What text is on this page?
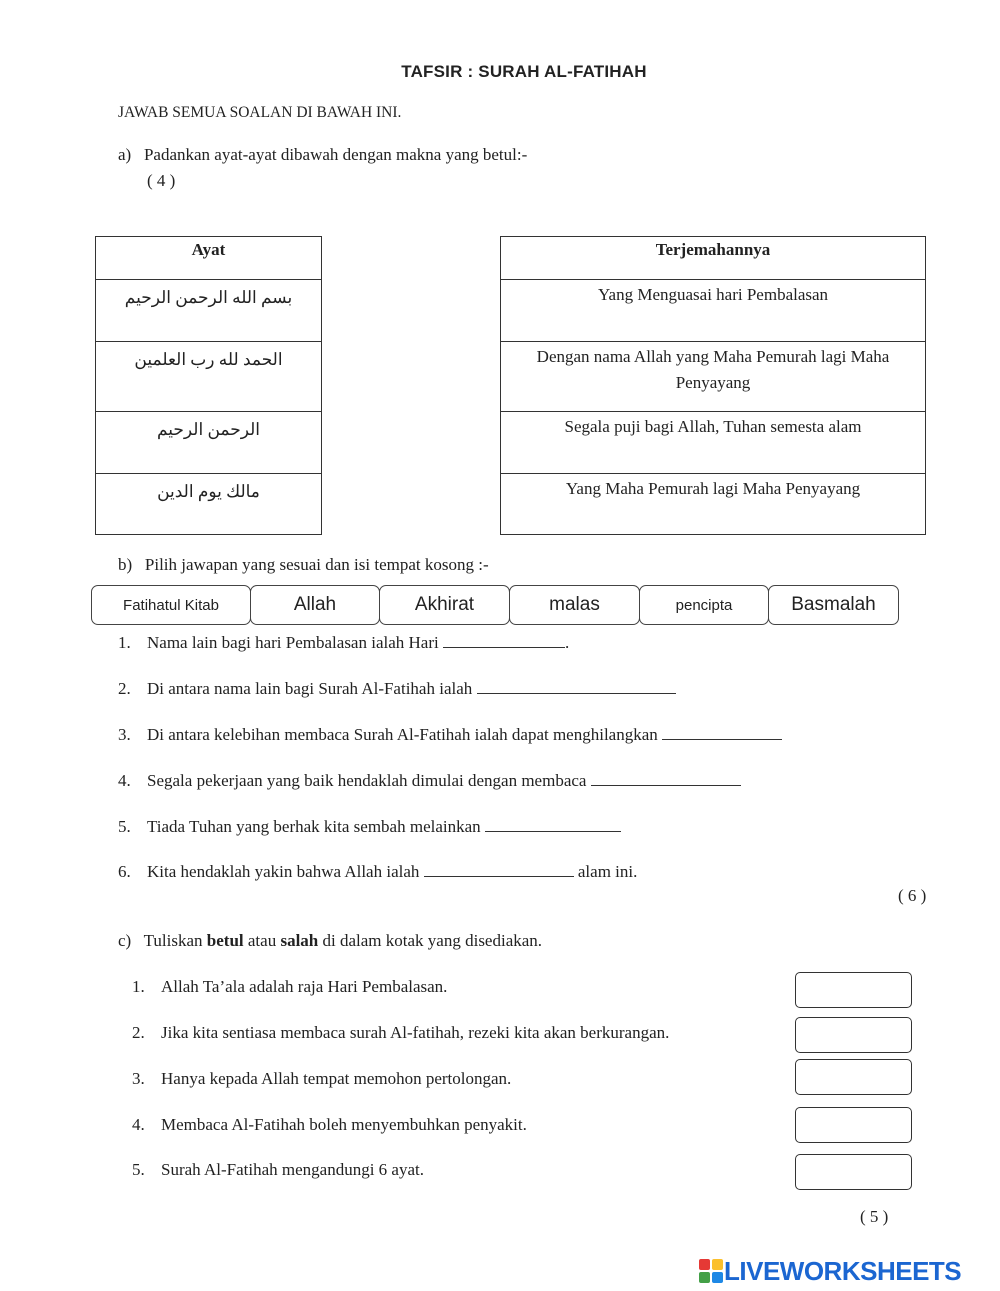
TAFSIR : SURAH AL-FATIHAH
JAWAB SEMUA SOALAN DI BAWAH INI.
a)   Padankan ayat-ayat dibawah dengan makna yang betul:-
( 4 )
Ayat
بسم الله الرحمن الرحيم
الحمد لله رب العلمين
الرحمن الرحيم
مالك يوم الدين
Terjemahannya
Yang Menguasai hari Pembalasan
Dengan nama Allah yang Maha Pemurah lagi Maha Penyayang
Segala puji bagi Allah, Tuhan semesta alam
Yang Maha Pemurah lagi Maha Penyayang
b)   Pilih jawapan yang sesuai dan isi tempat kosong :-
Fatihatul Kitab	Allah	Akhirat	malas	pencipta	Basmalah
1. Nama lain bagi hari Pembalasan ialah Hari	.
2. Di antara nama lain bagi Surah Al-Fatihah ialah
3. Di antara kelebihan membaca Surah Al-Fatihah ialah dapat menghilangkan
4. Segala pekerjaan yang baik hendaklah dimulai dengan membaca
5. Tiada Tuhan yang berhak kita sembah melainkan
6. Kita hendaklah yakin bahwa Allah ialah	alam ini.
( 6 )
c)   Tuliskan betul atau salah di dalam kotak yang disediakan.
1. Allah Ta’ala adalah raja Hari Pembalasan.
2. Jika kita sentiasa membaca surah Al-fatihah, rezeki kita akan berkurangan.
3. Hanya kepada Allah tempat memohon pertolongan.
4. Membaca Al-Fatihah boleh menyembuhkan penyakit.
5. Surah Al-Fatihah mengandungi 6 ayat.
( 5 )
LIVEWORKSHEETS
